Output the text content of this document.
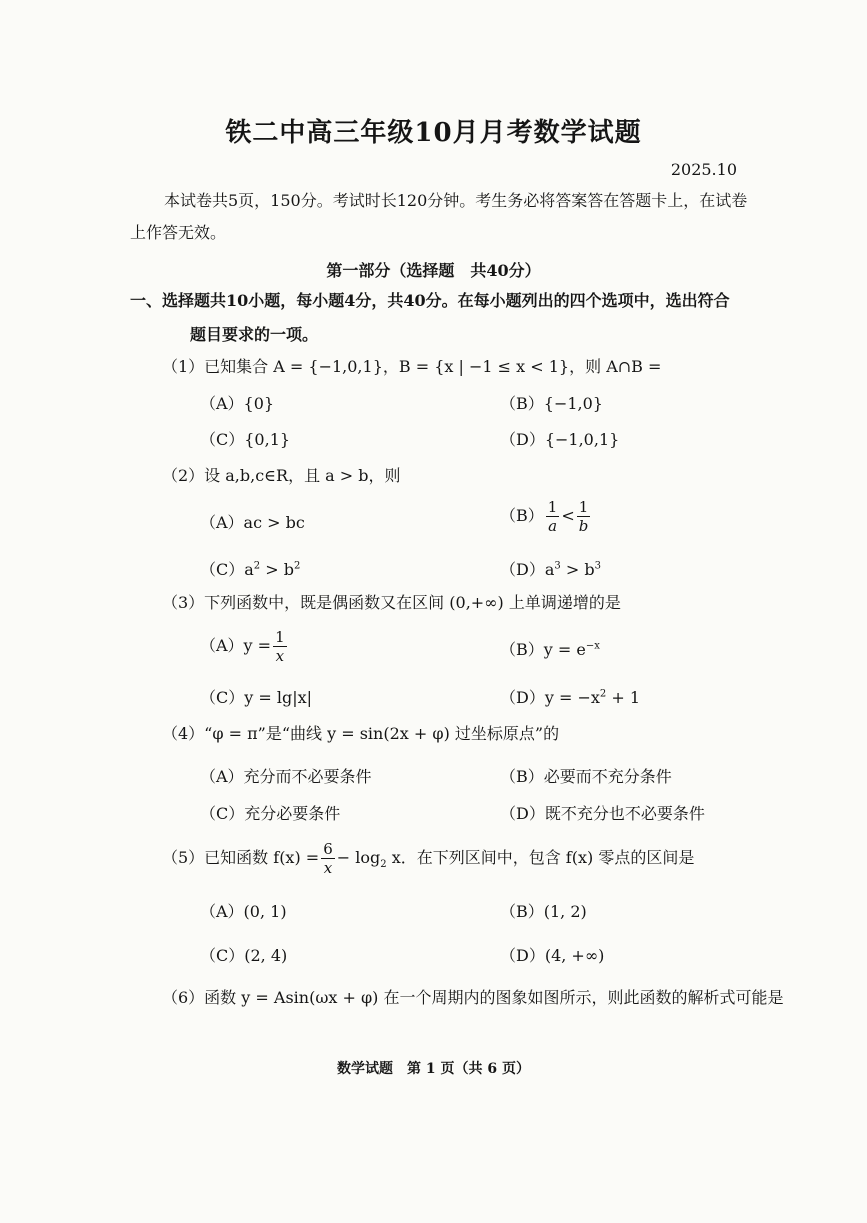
铁二中高三年级10月月考数学试题
2025.10
本试卷共5页，150分。考试时长120分钟。考生务必将答案答在答题卡上，在试卷
上作答无效。
第一部分（选择题　共40分）
一、选择题共10小题，每小题4分，共40分。在每小题列出的四个选项中，选出符合
题目要求的一项。
（1）已知集合 A = {−1,0,1}，B = {x | −1 ≤ x < 1}，则 A∩B =
（A）{0}	（B）{−1,0}
（C）{0,1}	（D）{−1,0,1}
（2）设 a,b,c∈R，且 a > b，则
（A）ac > bc	$(B) \frac{1}{a} < \frac{1}{b}$
$(C)a^2 > b^2$	$(D)a^3 > b^3$
（3）下列函数中，既是偶函数又在区间 (0,+∞) 上单调递增的是
$(A)y = \frac{1}{x}$	$(B)y = e^{-x}$
（C）y = lg|x|	$(D)y = -x^2 + 1$
（4）“φ = π”是“曲线 y = sin(2x + φ) 过坐标原点”的
（A）充分而不必要条件	（B）必要而不充分条件
（C）充分必要条件	（D）既不充分也不必要条件
（5）已知函数 $f(x) = \frac{6}{x} - \log_2 x$．在下列区间中，包含 f(x) 零点的区间是
（A）(0, 1)	（B）(1, 2)
（C）(2, 4)	（D）(4, +∞)
（6）函数 y = Asin(ωx + φ) 在一个周期内的图象如图所示，则此函数的解析式可能是
数学试题　第 1 页（共 6 页）
